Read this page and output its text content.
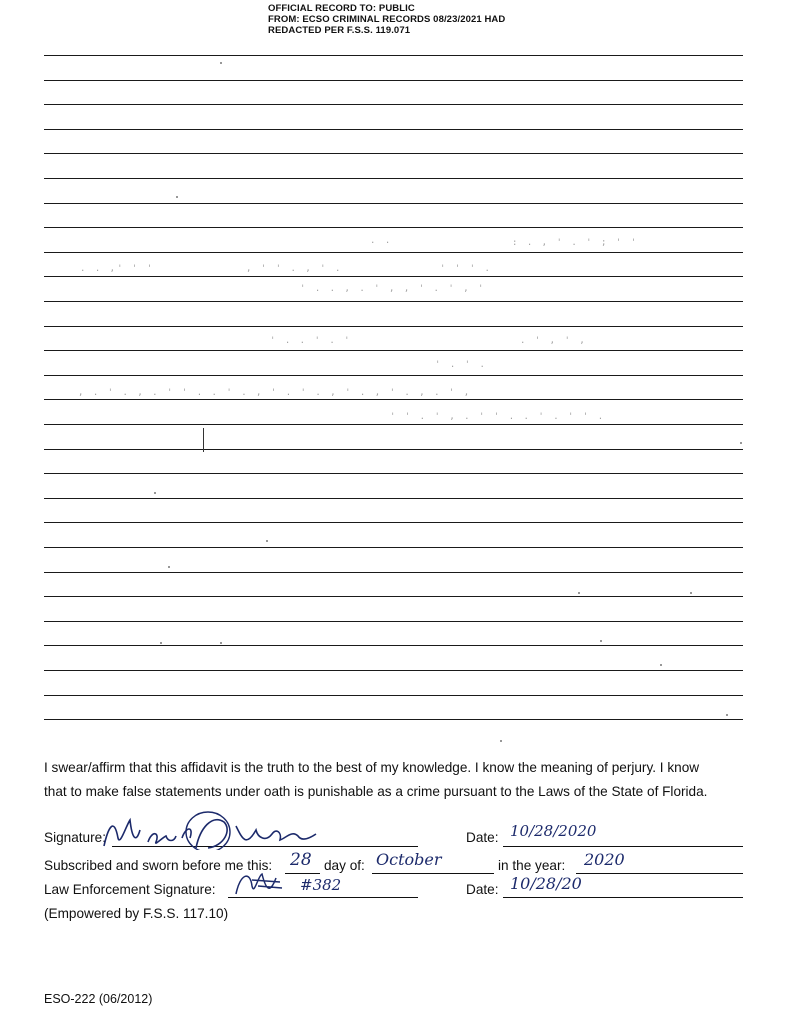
OFFICIAL RECORD TO: PUBLIC
FROM: ECSO CRIMINAL RECORDS 08/23/2021 HAD
REDACTED PER F.S.S. 119.071
. .	: . , ' . ' ; ' '
. . ,' ' '	, ' ' . , ' .	' ' ' .
' . . , . ' , , ' . ' , '
' . . ' . '	. ' , ' ,
' . ' .
, . ' . , . ' ' . . ' . , ' . ' . , ' . , ' . , . ' ,
' ' . ' , . ' ' . . ' . ' ' .
I swear/affirm that this affidavit is the truth to the best of my knowledge. I know the meaning of perjury. I know
that to make false statements under oath is punishable as a crime pursuant to the Laws of the State of Florida.
Signature:	Date: 10/28/2020
Subscribed and sworn before me this: 28 day of: October	in the year: 2020
Law Enforcement Signature:	#382	Date: 10/28/20
(Empowered by F.S.S. 117.10)
ESO-222 (06/2012)
